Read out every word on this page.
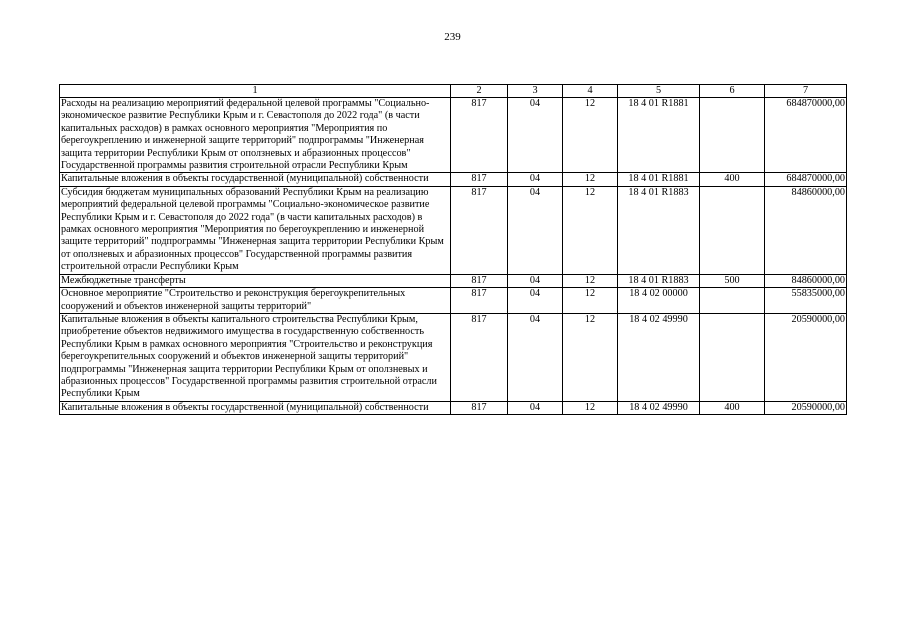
239
1	2	3	4	5	6	7
Расходы на реализацию мероприятий федеральной целевой программы "Социально-экономическое развитие Республики Крым и г. Севастополя до 2022 года" (в части капитальных расходов) в рамках основного мероприятия "Мероприятия по берегоукреплению и инженерной защите территорий" подпрограммы "Инженерная защита территории Республики Крым от оползневых и абразионных процессов" Государственной программы развития строительной отрасли Республики Крым	817	04	12	18 4 01 R1881		684870000,00
Капитальные вложения в объекты государственной (муниципальной) собственности	817	04	12	18 4 01 R1881	400	684870000,00
Субсидия бюджетам муниципальных образований Республики Крым на реализацию мероприятий федеральной целевой программы "Социально-экономическое развитие Республики Крым и г. Севастополя до 2022 года" (в части капитальных расходов) в рамках основного мероприятия "Мероприятия по берегоукреплению и инженерной защите территорий" подпрограммы "Инженерная защита территории Республики Крым от оползневых и абразионных процессов" Государственной программы развития строительной отрасли Республики Крым	817	04	12	18 4 01 R1883		84860000,00
Межбюджетные трансферты	817	04	12	18 4 01 R1883	500	84860000,00
Основное мероприятие "Строительство и реконструкция берегоукрепительных сооружений и объектов инженерной защиты территорий"	817	04	12	18 4 02 00000		55835000,00
Капитальные вложения в объекты капитального строительства Республики Крым, приобретение объектов недвижимого имущества в государственную собственность Республики Крым в рамках основного мероприятия "Строительство и реконструкция берегоукрепительных сооружений и объектов инженерной защиты территорий" подпрограммы "Инженерная защита территории Республики Крым от оползневых и абразионных процессов" Государственной программы развития строительной отрасли Республики Крым	817	04	12	18 4 02 49990		20590000,00
Капитальные вложения в объекты государственной (муниципальной) собственности	817	04	12	18 4 02 49990	400	20590000,00
